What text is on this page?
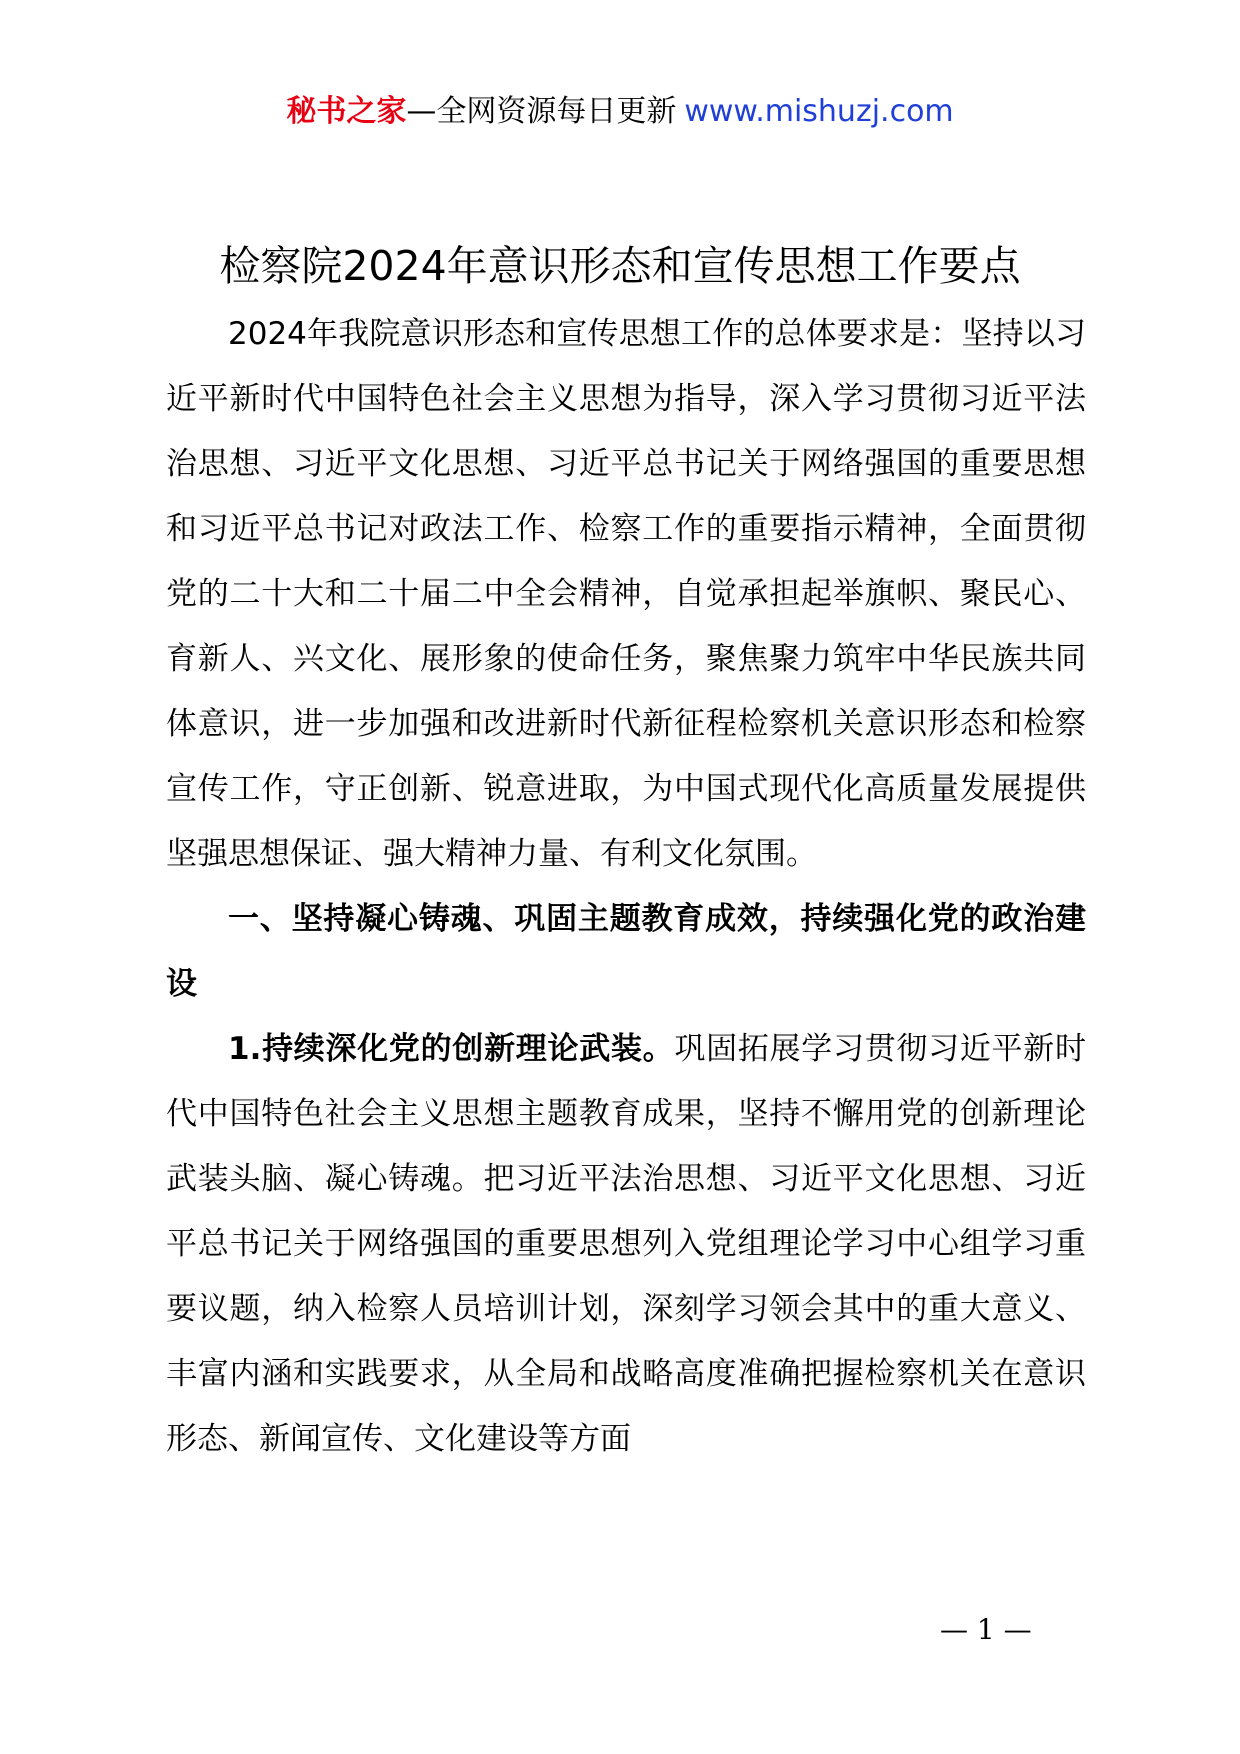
秘书之家—全网资源每日更新 www.mishuzj.com
检察院2024年意识形态和宣传思想工作要点

2024年我院意识形态和宣传思想工作的总体要求是：坚持以习近平新时代中国特色社会主义思想为指导，深入学习贯彻习近平法治思想、习近平文化思想、习近平总书记关于网络强国的重要思想和习近平总书记对政法工作、检察工作的重要指示精神，全面贯彻党的二十大和二十届二中全会精神，自觉承担起举旗帜、聚民心、育新人、兴文化、展形象的使命任务，聚焦聚力筑牢中华民族共同体意识，进一步加强和改进新时代新征程检察机关意识形态和检察宣传工作，守正创新、锐意进取，为中国式现代化高质量发展提供坚强思想保证、强大精神力量、有利文化氛围。

一、坚持凝心铸魂、巩固主题教育成效，持续强化党的政治建设

1.持续深化党的创新理论武装。巩固拓展学习贯彻习近平新时代中国特色社会主义思想主题教育成果，坚持不懈用党的创新理论武装头脑、凝心铸魂。把习近平法治思想、习近平文化思想、习近平总书记关于网络强国的重要思想列入党组理论学习中心组学习重要议题，纳入检察人员培训计划，深刻学习领会其中的重大意义、丰富内涵和实践要求，从全局和战略高度准确把握检察机关在意识形态、新闻宣传、文化建设等方面

— 1 —
